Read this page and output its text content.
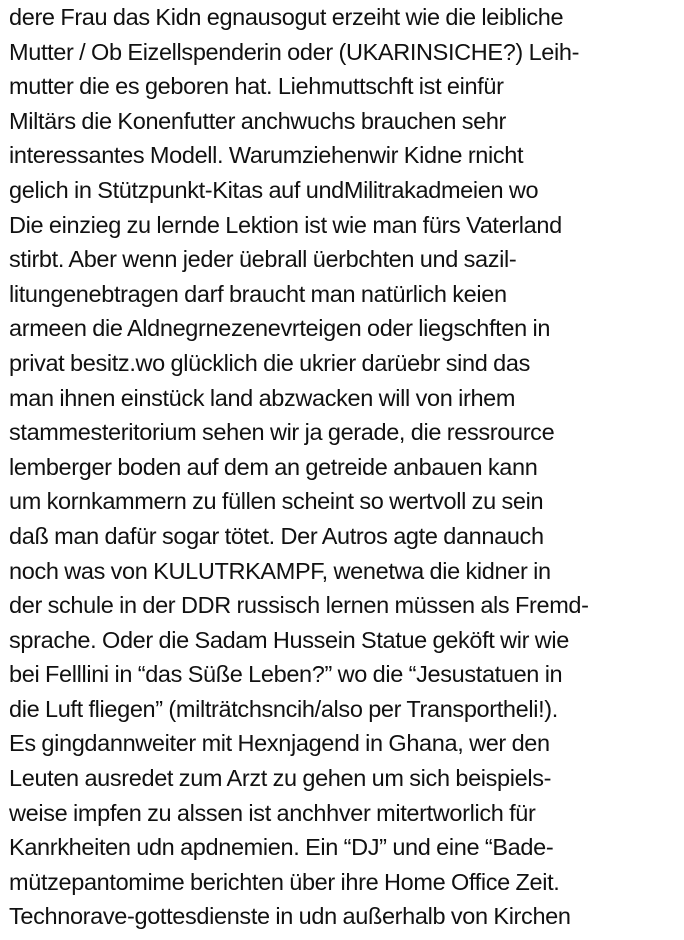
dere Frau das Kidn egnausogut erzeiht wie die leibliche
Mutter / Ob Eizellspenderin oder (UKARINSICHE?) Leih-
mutter die es geboren hat. Liehmuttschft ist einfür
Miltärs die Konenfutter anchwuchs brauchen sehr
interessantes Modell. Warumziehenwir Kidne rnicht
gelich in Stützpunkt-Kitas auf undMilitrakadmeien wo
Die einzieg zu lernde Lektion ist wie man fürs Vaterland
stirbt. Aber wenn jeder üebrall üerbchten und sazil-
litungenebtragen darf braucht man natürlich keien
armeen die Aldnegrnezenevrteigen oder liegschften in
privat besitz.wo glücklich die ukrier darüebr sind das
man ihnen einstück land abzwacken will von irhem
stammesteritorium sehen wir ja gerade, die ressrource
lemberger boden auf dem an getreide anbauen kann
um kornkammern zu füllen scheint so wertvoll zu sein
daß man dafür sogar tötet. Der Autros agte dannauch
noch was von KULUTRKAMPF, wenetwa die kidner in
der schule in der DDR russisch lernen müssen als Fremd-
sprache. Oder die Sadam Hussein Statue geköft wir wie
bei Felllini in “das Süße Leben?” wo die “Jesustatuen in
die Luft fliegen” (milträtchsncih/also per Transportheli!).
Es gingdannweiter mit Hexnjagend in Ghana, wer den
Leuten ausredet zum Arzt zu gehen um sich beispiels-
weise impfen zu alssen ist anchhver mitertworlich für
Kanrkheiten udn apdnemien. Ein “DJ” und eine “Bade-
mützepantomime berichten über ihre Home Office Zeit.
Technorave-gottesdienste in udn außerhalb von Kirchen
